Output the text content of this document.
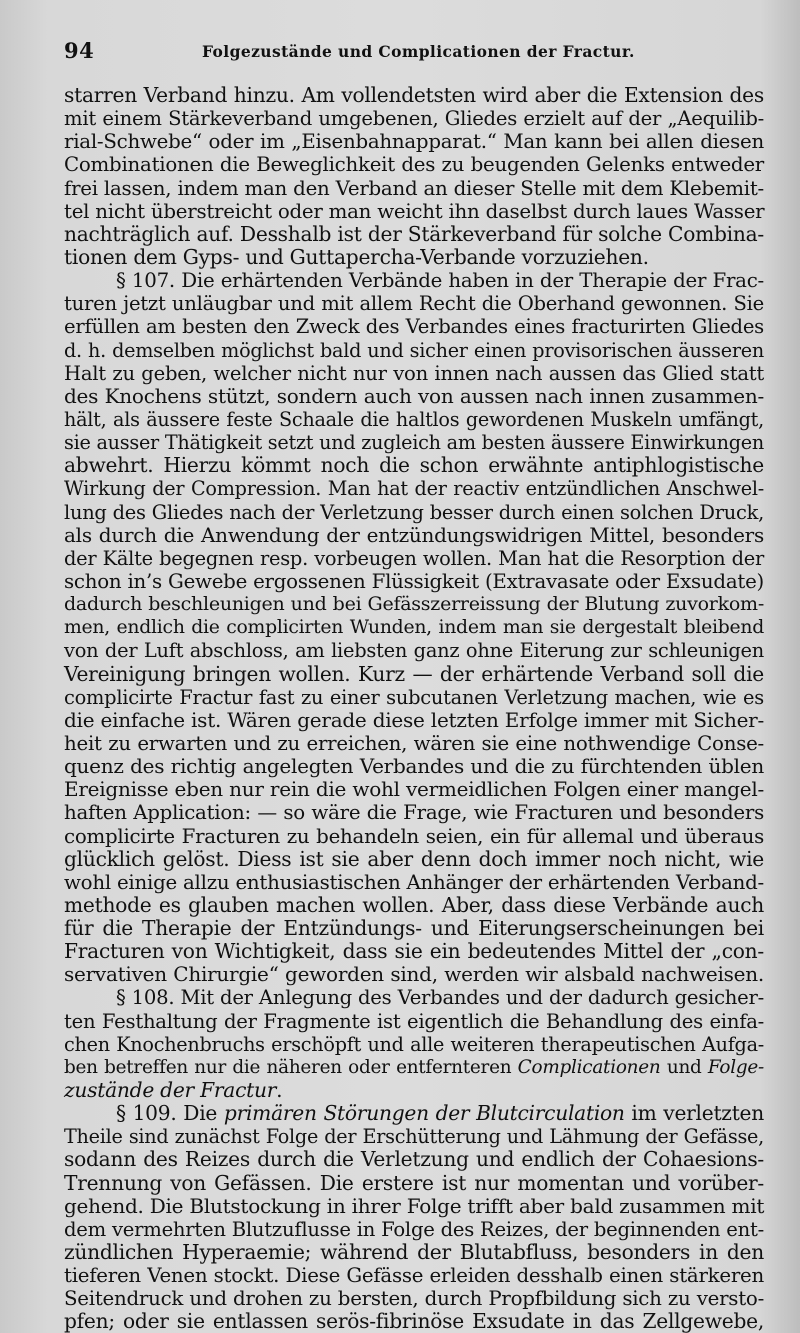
94	Folgezustände und Complicationen der Fractur.
starren Verband hinzu. Am vollendetsten wird aber die Extension des
mit einem Stärkeverband umgebenen, Gliedes erzielt auf der „Aequilib-
rial-Schwebe“ oder im „Eisenbahnapparat.“ Man kann bei allen diesen
Combinationen die Beweglichkeit des zu beugenden Gelenks entweder
frei lassen, indem man den Verband an dieser Stelle mit dem Klebemit-
tel nicht überstreicht oder man weicht ihn daselbst durch laues Wasser
nachträglich auf. Desshalb ist der Stärkeverband für solche Combina-
tionen dem Gyps- und Guttapercha-Verbande vorzuziehen.
§ 107. Die erhärtenden Verbände haben in der Therapie der Frac-
turen jetzt unläugbar und mit allem Recht die Oberhand gewonnen. Sie
erfüllen am besten den Zweck des Verbandes eines fracturirten Gliedes
d. h. demselben möglichst bald und sicher einen provisorischen äusseren
Halt zu geben, welcher nicht nur von innen nach aussen das Glied statt
des Knochens stützt, sondern auch von aussen nach innen zusammen-
hält, als äussere feste Schaale die haltlos gewordenen Muskeln umfängt,
sie ausser Thätigkeit setzt und zugleich am besten äussere Einwirkungen
abwehrt. Hierzu kömmt noch die schon erwähnte antiphlogistische
Wirkung der Compression. Man hat der reactiv entzündlichen Anschwel-
lung des Gliedes nach der Verletzung besser durch einen solchen Druck,
als durch die Anwendung der entzündungswidrigen Mittel, besonders
der Kälte begegnen resp. vorbeugen wollen. Man hat die Resorption der
schon in’s Gewebe ergossenen Flüssigkeit (Extravasate oder Exsudate)
dadurch beschleunigen und bei Gefässzerreissung der Blutung zuvorkom-
men, endlich die complicirten Wunden, indem man sie dergestalt bleibend
von der Luft abschloss, am liebsten ganz ohne Eiterung zur schleunigen
Vereinigung bringen wollen. Kurz — der erhärtende Verband soll die
complicirte Fractur fast zu einer subcutanen Verletzung machen, wie es
die einfache ist. Wären gerade diese letzten Erfolge immer mit Sicher-
heit zu erwarten und zu erreichen, wären sie eine nothwendige Conse-
quenz des richtig angelegten Verbandes und die zu fürchtenden üblen
Ereignisse eben nur rein die wohl vermeidlichen Folgen einer mangel-
haften Application: — so wäre die Frage, wie Fracturen und besonders
complicirte Fracturen zu behandeln seien, ein für allemal und überaus
glücklich gelöst. Diess ist sie aber denn doch immer noch nicht, wie
wohl einige allzu enthusiastischen Anhänger der erhärtenden Verband-
methode es glauben machen wollen. Aber, dass diese Verbände auch
für die Therapie der Entzündungs- und Eiterungserscheinungen bei
Fracturen von Wichtigkeit, dass sie ein bedeutendes Mittel der „con-
servativen Chirurgie“ geworden sind, werden wir alsbald nachweisen.
§ 108. Mit der Anlegung des Verbandes und der dadurch gesicher-
ten Festhaltung der Fragmente ist eigentlich die Behandlung des einfa-
chen Knochenbruchs erschöpft und alle weiteren therapeutischen Aufga-
ben betreffen nur die näheren oder entfernteren Complicationen und Folge-
zustände der Fractur.
§ 109. Die primären Störungen der Blutcirculation im verletzten
Theile sind zunächst Folge der Erschütterung und Lähmung der Gefässe,
sodann des Reizes durch die Verletzung und endlich der Cohaesions-
Trennung von Gefässen. Die erstere ist nur momentan und vorüber-
gehend. Die Blutstockung in ihrer Folge trifft aber bald zusammen mit
dem vermehrten Blutzuflusse in Folge des Reizes, der beginnenden ent-
zündlichen Hyperaemie; während der Blutabfluss, besonders in den
tieferen Venen stockt. Diese Gefässe erleiden desshalb einen stärkeren
Seitendruck und drohen zu bersten, durch Propfbildung sich zu versto-
pfen; oder sie entlassen serös-fibrinöse Exsudate in das Zellgewebe,
